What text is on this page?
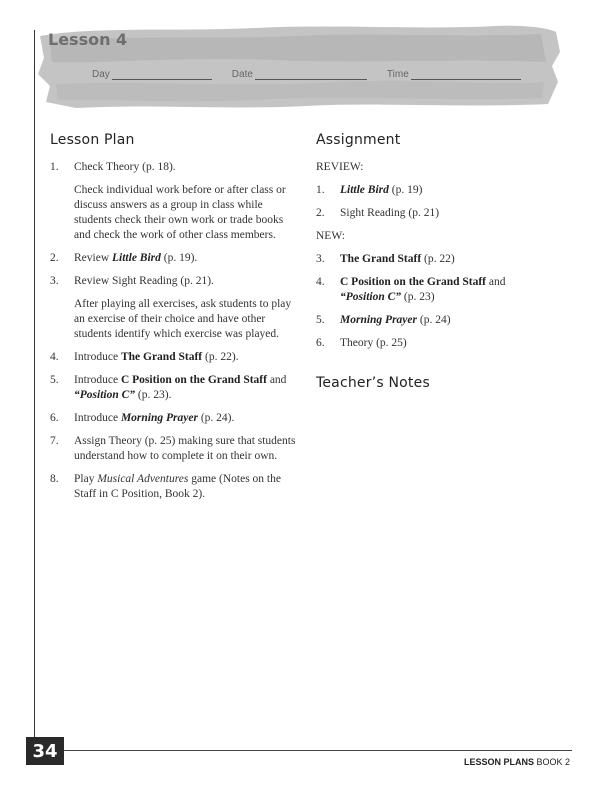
Lesson 4
Day	Date	Time
Lesson Plan
1.	Check Theory (p. 18).

Check individual work before or after class or discuss answers as a group in class while students check their own work or trade books and check the work of other class members.

2.	Review Little Bird (p. 19).
3.	Review Sight Reading (p. 21).

After playing all exercises, ask students to play an exercise of their choice and have other students identify which exercise was played.

4.	Introduce The Grand Staff (p. 22).
5.	Introduce C Position on the Grand Staff and “Position C” (p. 23).
6.	Introduce Morning Prayer (p. 24).
7.	Assign Theory (p. 25) making sure that students understand how to complete it on their own.
8.	Play Musical Adventures game (Notes on the Staff in C Position, Book 2).
Assignment
REVIEW:
1.	Little Bird (p. 19)
2.	Sight Reading (p. 21)
NEW:
3.	The Grand Staff (p. 22)
4.	C Position on the Grand Staff and
“Position C” (p. 23)
5.	Morning Prayer (p. 24)
6.	Theory (p. 25)
Teacher’s Notes
34
LESSON PLANS BOOK 2
